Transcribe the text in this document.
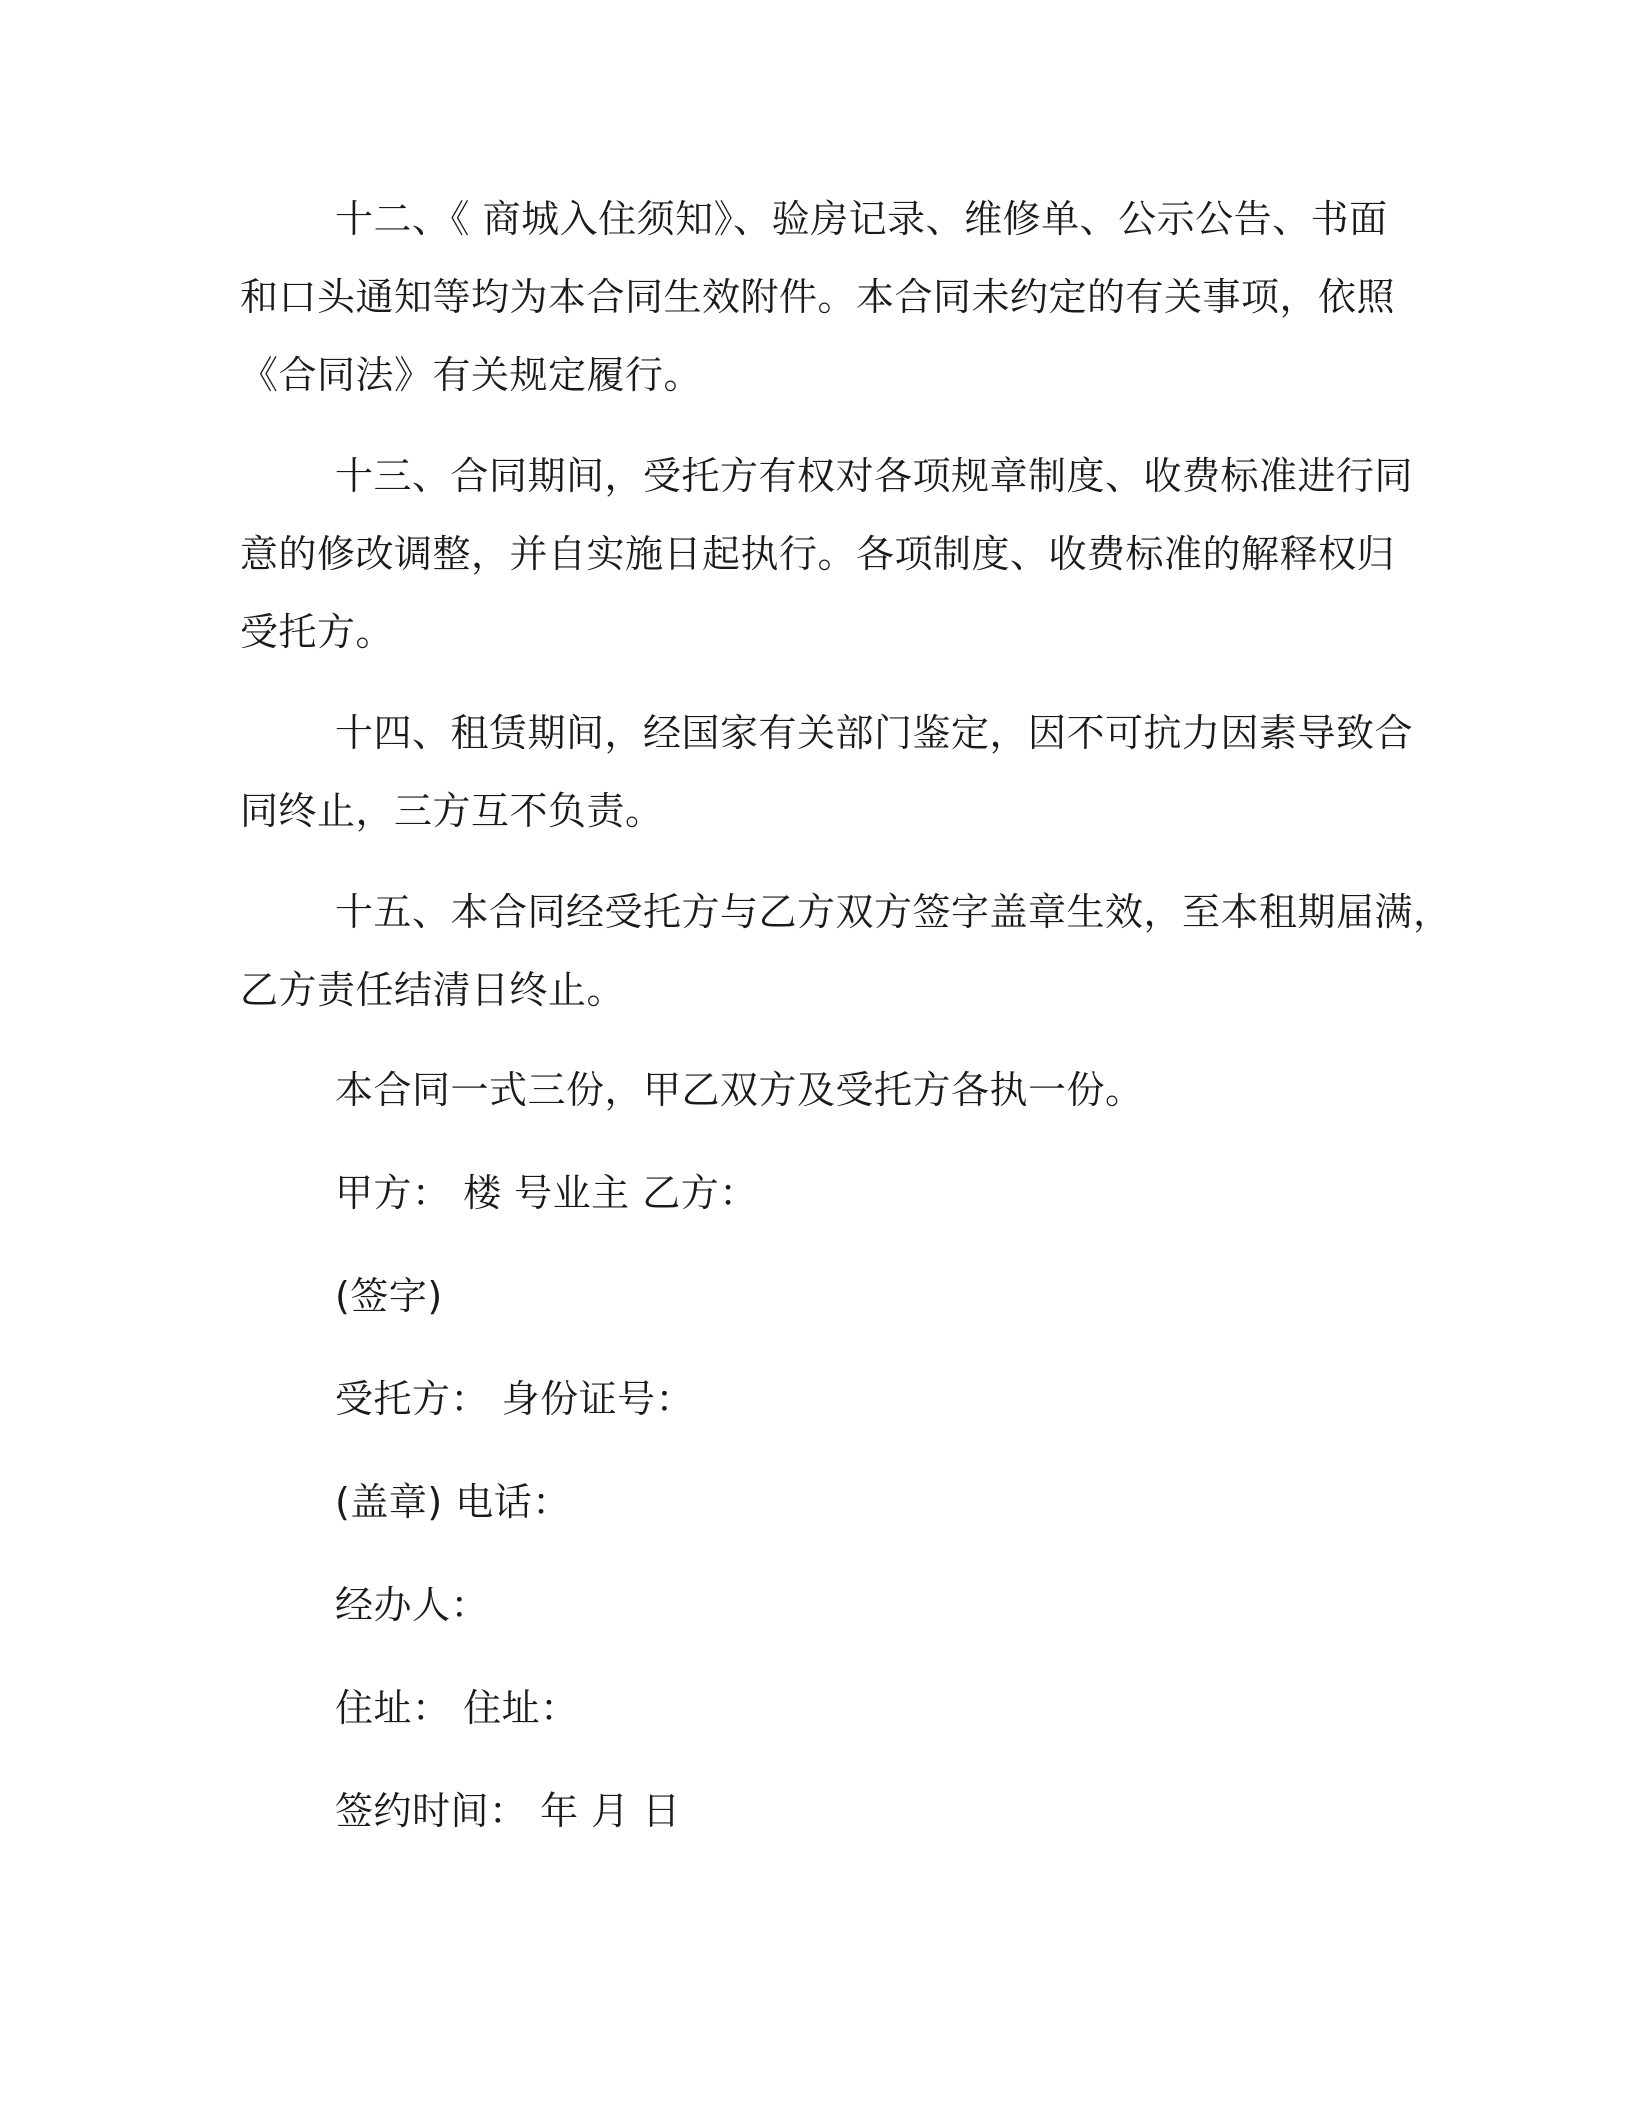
十二、《 商城入住须知》、验房记录、维修单、公示公告、书面
和口头通知等均为本合同生效附件。本合同未约定的有关事项，依照
《合同法》有关规定履行。

十三、合同期间，受托方有权对各项规章制度、收费标准进行同
意的修改调整，并自实施日起执行。各项制度、收费标准的解释权归
受托方。

十四、租赁期间，经国家有关部门鉴定，因不可抗力因素导致合
同终止，三方互不负责。

十五、本合同经受托方与乙方双方签字盖章生效，至本租期届满，
乙方责任结清日终止。

本合同一式三份，甲乙双方及受托方各执一份。

甲方： 楼 号业主 乙方：

(签字)

受托方： 身份证号：

(盖章) 电话：

经办人：

住址： 住址：

签约时间： 年 月 日
